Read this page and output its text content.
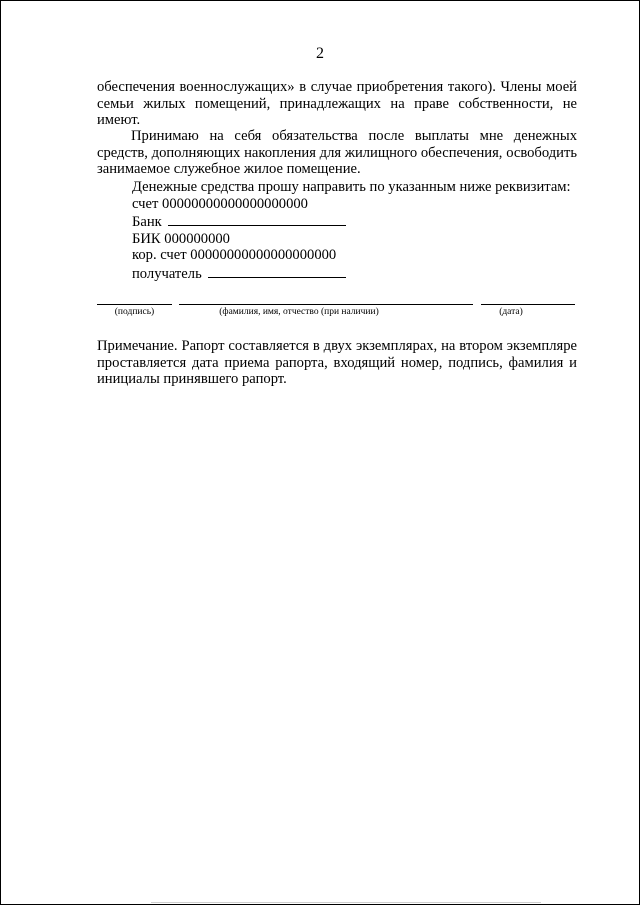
2
обеспечения военнослужащих» в случае приобретения такого). Члены моей семьи жилых помещений, принадлежащих на праве собственности, не имеют.
Принимаю на себя обязательства после выплаты мне денежных средств, дополняющих накопления для жилищного обеспечения, освободить занимаемое служебное жилое помещение.
Денежные средства прошу направить по указанным ниже реквизитам:
счет 00000000000000000000
Банк
БИК 000000000
кор. счет 00000000000000000000
получатель
(подпись)	(фамилия, имя, отчество (при наличии)	(дата)
Примечание. Рапорт составляется в двух экземплярах, на втором экземпляре проставляется дата приема рапорта, входящий номер, подпись, фамилия и инициалы принявшего рапорт.
